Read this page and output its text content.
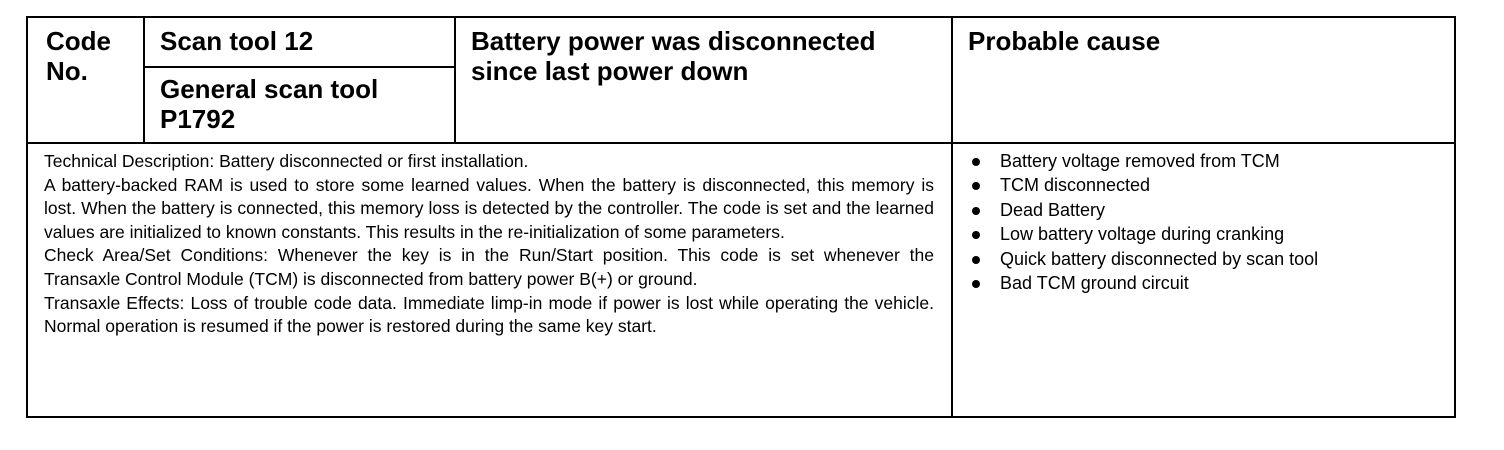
Code
No.
Scan tool 12
General scan tool
P1792
Battery power was disconnected
since last power down
Probable cause

Technical Description: Battery disconnected or first installation.

A battery-backed RAM is used to store some learned values. When the battery is disconnected, this memory is lost. When the battery is connected, this memory loss is detected by the controller. The code is set and the learned values are initialized to known constants. This results in the re-initialization of some parameters.

Check Area/Set Conditions: Whenever the key is in the Run/Start position. This code is set whenever the Transaxle Control Module (TCM) is disconnected from battery power B(+) or ground.

Transaxle Effects: Loss of trouble code data. Immediate limp-in mode if power is lost while operating the vehicle. Normal operation is resumed if the power is restored during the same key start.

Battery voltage removed from TCM
TCM disconnected
Dead Battery
Low battery voltage during cranking
Quick battery disconnected by scan tool
Bad TCM ground circuit
